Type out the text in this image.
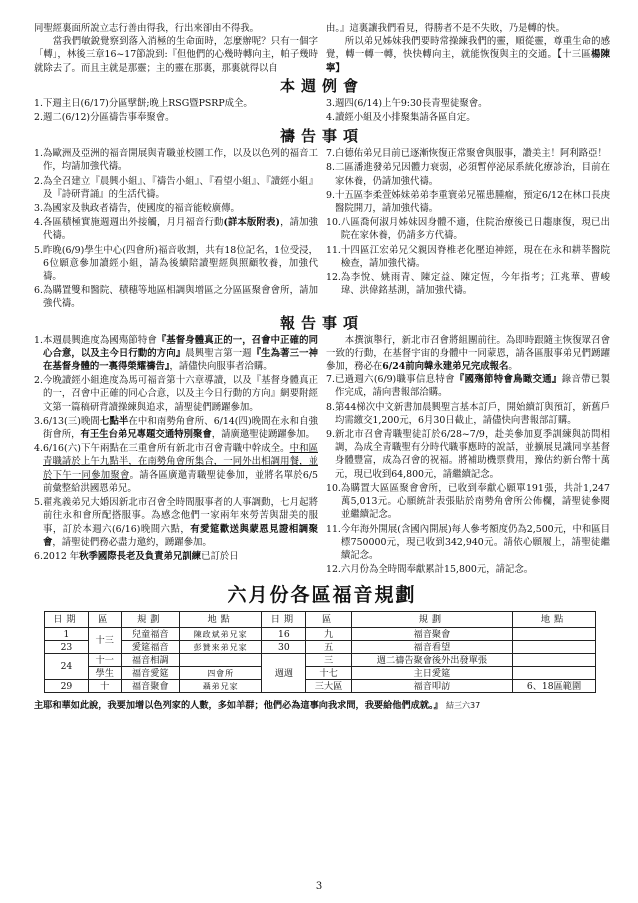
同聖經裏面所說立志行善由得我，行出來卻由不得我。

當我們敏銳覺察到落入消極的生命面時，怎麼辦呢？只有一個字「轉」，林後三章16~17節說到:『但他們的心幾時轉向主，帕子幾時就除去了。而且主就是那靈；主的靈在那裏，那裏就得以自

由。』這裏讓我們看見，得勝者不是不失敗，乃是轉的快。

所以弟兄姊妹我們要時常操練我們的靈，順從靈，尊重生命的感覺，轉一轉一轉，快快轉向主，就能恢復與主的交通。【十三區楊陳 寧】

本週例會
1. 下週主日(6/17)分區擘餅;晚上RSG暨PSRP成全。
2. 週二(6/12)分區禱告事奉聚會。
3. 週四(6/14)上午9:30長青聖徒聚會。
4. 讀經小組及小排聚集請各區自定。
禱告事項
1. 為歐洲及亞洲的福音開展與青職並校園工作，以及以色列的福音工作，均請加強代禱。
2. 為全召建立『晨興小組』、『禱告小組』、『看望小組』、『讀經小組』及『詩研背誦』的生活代禱。
3. 為國家及執政者禱告，使國度的福音能較廣傳。
4. 各區積極實施週週出外接觸，月月福音行動(詳本版附表)，請加強代禱。
5. 昨晚(6/9)學生中心(四會所)福音收割，共有18位記名，1位受浸，6位願意參加讀經小組，請為後續陪讀聖經與照顧牧養，加強代禱。
6. 為購置雙和醫院、積穗等地區相調與增區之分區區聚會會所，請加強代禱。
7. 白德佑弟兄目前已逐漸恢復正常聚會與服事，讚美主！阿利路亞！
8. 二區潘進發弟兄因體力衰弱，必須暫停泌尿系統化療診治，目前在家休養，仍請加強代禱。
9. 十五區李柔萱姊妹弟弟李重寰弟兄罹患腫瘤，預定6/12在林口長庚醫院開刀，請加強代禱。
10. 八區喬何淑月姊妹因身體不適，住院治療後已日趨康復，現已出院在家休養，仍請多方代禱。
11. 十四區江宏弟兄父親因脊椎老化壓迫神經，現在在永和耕莘醫院檢查，請加強代禱。
12. 為李悅、姚雨青、陳定益、陳定恆，今年指考；江兆華、曹峻瑋、洪偉銘基測，請加強代禱。
報告事項
1. 本週晨興進度為國殤節特會『基督身體真正的一，召會中正確的同心合意，以及主今日行動的方向』晨興聖言第一週『生為著三一神在基督身體的一裏得榮耀禱告』，請儘快向服事者洽購。
2. 今晚讀經小組進度為馬可福音第十六章導讀，以及『基督身體真正的一，召會中正確的同心合意，以及主今日行動的方向』網要附經文第一篇稿研背讀操練與追求，請聖徒們踴躍參加。
3. 6/13(三)晚間七點半在中和南勢角會所、6/14(四)晚間在永和自強街會所，有王生台弟兄專題交通特別聚會，請廣邀聖徒踴躍參加。
4. 6/16(六)下午兩點在三重會所有新北市召會青職中幹成全。中和區青職請於上午九點半，在南勢角會所集合，一同外出相調用餐，並於下午一同參加聚會。請各區廣邀青職聖徒參加，並將名單於6/5前彙整給洪國恩弟兄。
5. 翟兆義弟兄大婚因新北市召會全時間服事者的人事調動，七月起將前往永和會所配搭服事。為感念他們一家兩年來勞苦與甜美的服事，訂於本週六(6/16)晚間六點，有愛筵歡送與蒙恩見證相調聚會，請聖徒們務必盡力邀約，踴躍參加。
6. 2012 年秋季國際長老及負責弟兄訓練已訂於日

本撰演舉行，新北市召會將組團前往。為即時跟隨主恢復眾召會一致的行動，在基督宇宙的身體中一同蒙恩，請各區服事弟兄們踴躍參加，務必在6/24前向韓永建弟兄完成報名。

7. 已過週六(6/9)職事信息特會『國殤節特會鳥瞰交通』錄音帶已製作完成，請向書報部洽購。
8. 第44梯次中文新書加晨興聖言基本訂戶，開始續訂與預訂，新舊戶均需繳交1,200元，6月30日截止，請儘快向書報部訂購。
9. 新北市召會青職聖徒訂於6/28~7/9，赴美參加夏季訓練與訪問相調，為成全青職聖有分時代職事應時的說話，並擴展見識同享基督身體豐富，成為召會的祝福。將補助機票費用，豫估約新台幣十萬元，現已收到64,800元，請繼續記念。
10. 為購置大區區聚會會所，已收到奉獻心願單191張，共計1,247萬5,013元。心願統計表張貼於南勢角會所公佈欄，請聖徒參閱並繼續記念。
11. 今年海外開展(含國內開展)每人參考額度仍為2,500元，中和區目標750000元，現已收到342,940元。請依心願履上，請聖徒繼續記念。
12. 六月份為全時間奉獻累計15,800元，請記念。
六月份各區福音規劃
日期	區	規劃	地點	日期	區	規劃	地點
1	十三	兒童福音	陳政斌弟兄家	16	九	福音聚會	
23		愛筵福音	彭贊來弟兄家	30	五	福音看望	
24	十一	福音相調		週週	三	週二禱告聚會後外出發單張	
	學生	福音愛筵	四會所		十七	主日愛筵	
29	十	福音聚會	聶弟兄家		三大區	福音叩訪	6、18區範圍
主耶和華如此說，我要加增以色列家的人數，多如羊群；他們必為這事向我求問，我要給他們成就。』 結三六37
3
